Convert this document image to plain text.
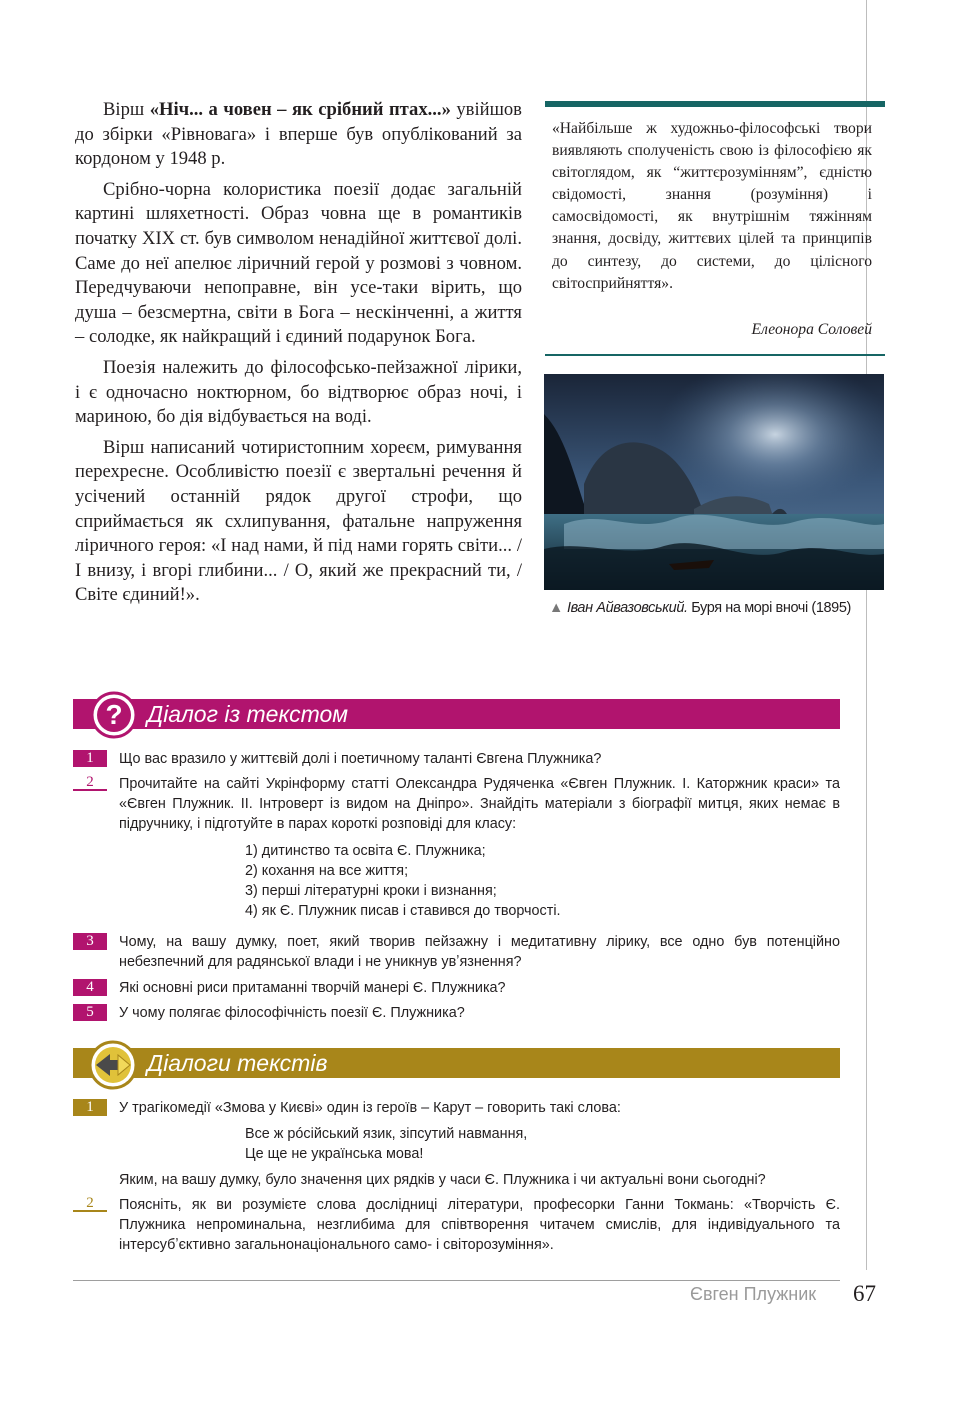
Вірш «Ніч... а човен – як срібний птах...» увійшов до збірки «Рівновага» і вперше був опублікований за кордоном у 1948 р.

Срібно-чорна колористика поезії додає загальній картині шляхетності. Образ човна ще в романтиків початку XIX ст. був символом ненадійної життєвої долі. Саме до неї апелює ліричний герой у розмові з човном. Передчуваючи непоправне, він усе-таки вірить, що душа – безсмертна, світи в Бога – нескінченні, а життя – солодке, як найкращий і єдиний подарунок Бога.

Поезія належить до філософсько-пейзажної лірики, і є одночасно ноктюрном, бо відтворює образ ночі, і мариною, бо дія відбувається на воді.

Вірш написаний чотиристопним хореєм, римування перехресне. Особливістю поезії є звертальні речення й усічений останній рядок другої строфи, що сприймається як схлипування, фатальне напруження ліричного героя: «І над нами, й під нами горять світи... / І внизу, і вгорі глибини... / О, який же прекрасний ти, / Світе єдиний!».

«Найбільше ж художньо-філософські твори виявляють сполученість свою із філософією як світоглядом, як “життєрозумінням”, єдністю свідомості, знання (розуміння) і самосвідомості, як внутрішнім тяжінням знання, досвіду, життєвих цілей та принципів до синтезу, до системи, до цілісного світосприйняття».
Елеонора Соловей
▲ Іван Айвазовський. Буря на морі вночі (1895)
? Діалог із текстом
1	Що вас вразило у життєвій долі і поетичному таланті Євгена Плужника?
2	Прочитайте на сайті Укрінформу статті Олександра Рудяченка «Євген Плужник. І. Каторжник краси» та «Євген Плужник. ІІ. Інтроверт із видом на Дніпро». Знайдіть матеріали з біографії митця, яких немає в підручнику, і підготуйте в парах короткі розповіді для класу:
1) дитинство та освіта Є. Плужника;
2) кохання на все життя;
3) перші літературні кроки і визнання;
4) як Є. Плужник писав і ставився до творчості.
3	Чому, на вашу думку, поет, який творив пейзажну і медитативну лірику, все одно був потенційно небезпечний для радянської влади і не уникнув увʼязнення?
4	Які основні риси притаманні творчій манері Є. Плужника?
5	У чому полягає філософічність поезії Є. Плужника?
Діалоги текстів
1	У трагікомедії «Змова у Києві» один із героїв – Карут – говорить такі слова:
Все ж рóсійський язик, зіпсутий навмання,
Це ще не українська мова!
Яким, на вашу думку, було значення цих рядків у часи Є. Плужника і чи актуальні вони сьогодні?
2	Поясніть, як ви розумієте слова дослідниці літератури, професорки Ганни Токмань: «Творчість Є. Плужника непроминальна, незглибима для співтворення читачем смислів, для індивідуального та інтерсубʼєктивно загальнонаціонального само- і світорозуміння».
Євген Плужник 67
